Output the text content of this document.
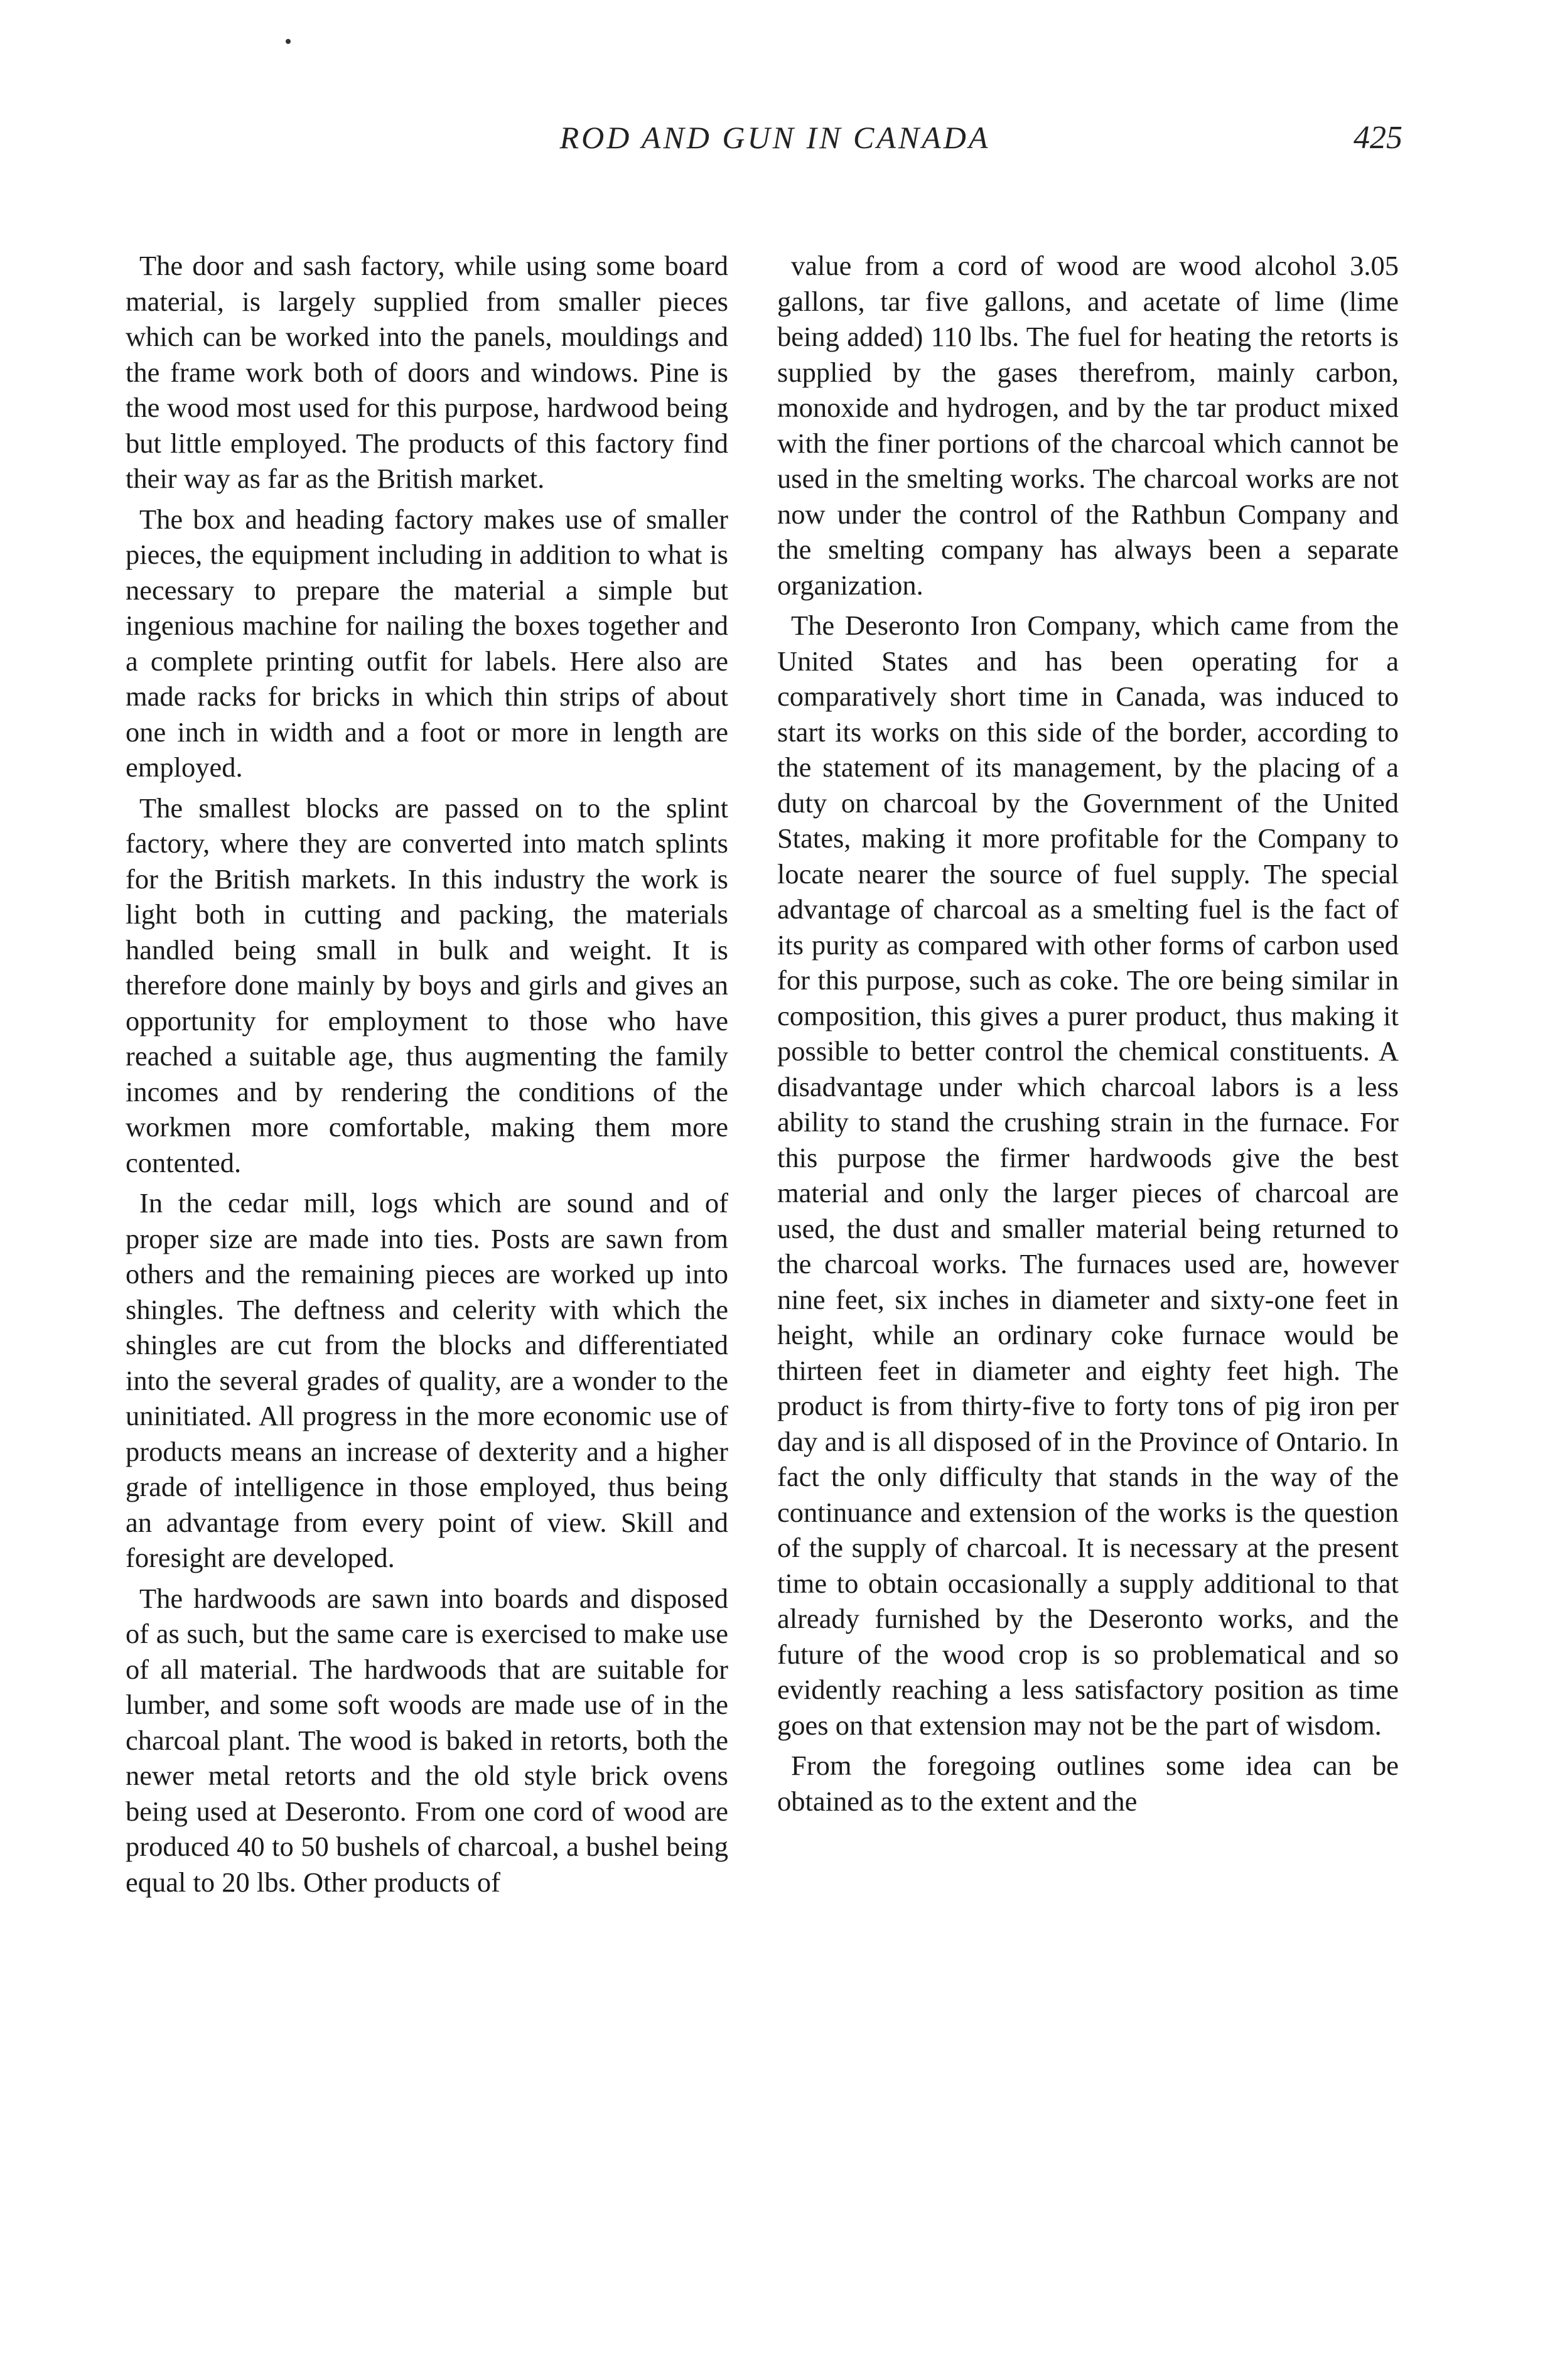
ROD AND GUN IN CANADA	425

The door and sash factory, while using some board material, is largely supplied from smaller pieces which can be worked into the panels, mouldings and the frame work both of doors and windows. Pine is the wood most used for this purpose, hardwood being but little employed. The products of this factory find their way as far as the British market.

The box and heading factory makes use of smaller pieces, the equipment including in addition to what is necessary to prepare the material a simple but ingenious machine for nailing the boxes together and a complete printing outfit for labels. Here also are made racks for bricks in which thin strips of about one inch in width and a foot or more in length are employed.

The smallest blocks are passed on to the splint factory, where they are converted into match splints for the British markets. In this industry the work is light both in cutting and packing, the materials handled being small in bulk and weight. It is therefore done mainly by boys and girls and gives an opportunity for employment to those who have reached a suitable age, thus augmenting the family incomes and by rendering the conditions of the workmen more comfortable, making them more contented.

In the cedar mill, logs which are sound and of proper size are made into ties. Posts are sawn from others and the remaining pieces are worked up into shingles. The deftness and celerity with which the shingles are cut from the blocks and differentiated into the several grades of quality, are a wonder to the uninitiated. All progress in the more economic use of products means an increase of dexterity and a higher grade of intelligence in those employed, thus being an advantage from every point of view. Skill and foresight are developed.

The hardwoods are sawn into boards and disposed of as such, but the same care is exercised to make use of all material. The hardwoods that are suitable for lumber, and some soft woods are made use of in the charcoal plant. The wood is baked in retorts, both the newer metal retorts and the old style brick ovens being used at Deseronto. From one cord of wood are produced 40 to 50 bushels of charcoal, a bushel being equal to 20 lbs. Other products of

value from a cord of wood are wood alcohol 3.05 gallons, tar five gallons, and acetate of lime (lime being added) 110 lbs. The fuel for heating the retorts is supplied by the gases therefrom, mainly carbon, monoxide and hydrogen, and by the tar product mixed with the finer portions of the charcoal which cannot be used in the smelting works. The charcoal works are not now under the control of the Rathbun Company and the smelting company has always been a separate organization.

The Deseronto Iron Company, which came from the United States and has been operating for a comparatively short time in Canada, was induced to start its works on this side of the border, according to the statement of its management, by the placing of a duty on charcoal by the Government of the United States, making it more profitable for the Company to locate nearer the source of fuel supply. The special advantage of charcoal as a smelting fuel is the fact of its purity as compared with other forms of carbon used for this purpose, such as coke. The ore being similar in composition, this gives a purer product, thus making it possible to better control the chemical constituents. A disadvantage under which charcoal labors is a less ability to stand the crushing strain in the furnace. For this purpose the firmer hardwoods give the best material and only the larger pieces of charcoal are used, the dust and smaller material being returned to the charcoal works. The furnaces used are, however nine feet, six inches in diameter and sixty-one feet in height, while an ordinary coke furnace would be thirteen feet in diameter and eighty feet high. The product is from thirty-five to forty tons of pig iron per day and is all disposed of in the Province of Ontario. In fact the only difficulty that stands in the way of the continuance and extension of the works is the question of the supply of charcoal. It is necessary at the present time to obtain occasionally a supply additional to that already furnished by the Deseronto works, and the future of the wood crop is so problematical and so evidently reaching a less satisfactory position as time goes on that extension may not be the part of wisdom.

From the foregoing outlines some idea can be obtained as to the extent and the
